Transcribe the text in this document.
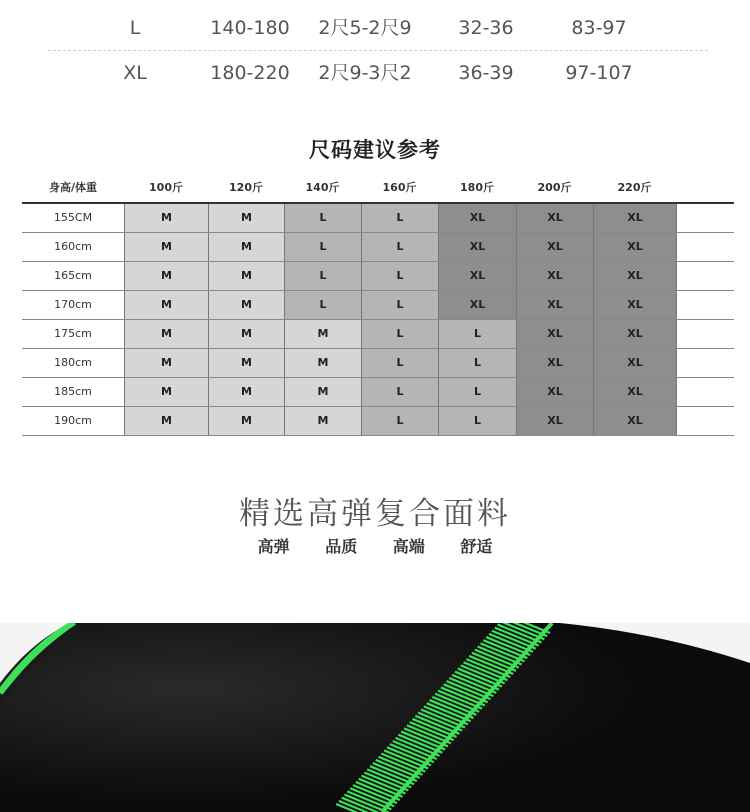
L	140-180	2尺5-2尺9	32-36	83-97
XL	180-220	2尺9-3尺2	36-39	97-107
尺码建议参考
身高/体重	100斤	120斤	140斤	160斤	180斤	200斤	220斤
155CM	M	M	L	L	XL	XL	XL
160cm	M	M	L	L	XL	XL	XL
165cm	M	M	L	L	XL	XL	XL
170cm	M	M	L	L	XL	XL	XL
175cm	M	M	M	L	L	XL	XL
180cm	M	M	M	L	L	XL	XL
185cm	M	M	M	L	L	XL	XL
190cm	M	M	M	L	L	XL	XL
精选高弹复合面料
高弹 品质 高端 舒适
